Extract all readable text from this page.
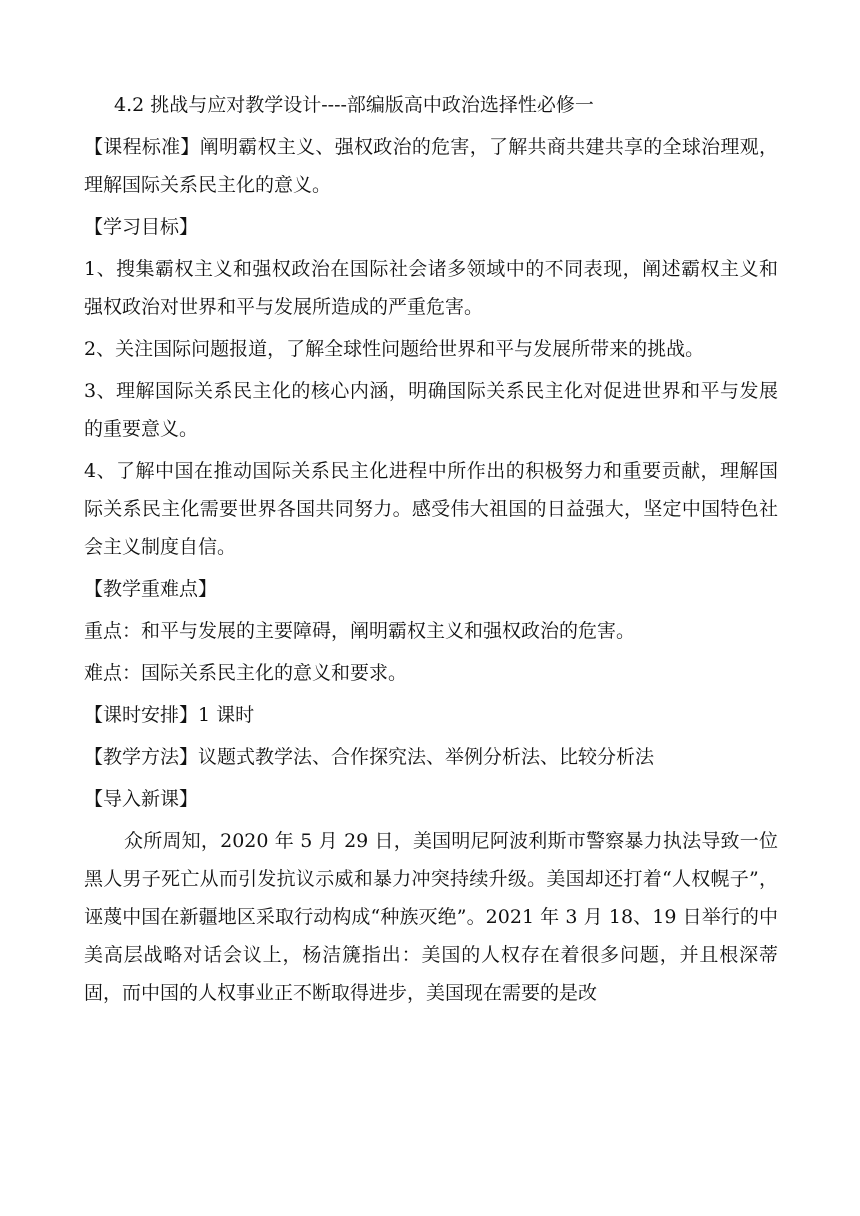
4.2 挑战与应对教学设计----部编版高中政治选择性必修一

【课程标准】阐明霸权主义、强权政治的危害，了解共商共建共享的全球治理观，理解国际关系民主化的意义。

【学习目标】

1、搜集霸权主义和强权政治在国际社会诸多领域中的不同表现，阐述霸权主义和强权政治对世界和平与发展所造成的严重危害。

2、关注国际问题报道，了解全球性问题给世界和平与发展所带来的挑战。

3、理解国际关系民主化的核心内涵，明确国际关系民主化对促进世界和平与发展的重要意义。

4、了解中国在推动国际关系民主化进程中所作出的积极努力和重要贡献，理解国际关系民主化需要世界各国共同努力。感受伟大祖国的日益强大，坚定中国特色社会主义制度自信。

【教学重难点】

重点：和平与发展的主要障碍，阐明霸权主义和强权政治的危害。

难点：国际关系民主化的意义和要求。

【课时安排】1 课时

【教学方法】议题式教学法、合作探究法、举例分析法、比较分析法

【导入新课】

众所周知，2020 年 5 月 29 日，美国明尼阿波利斯市警察暴力执法导致一位黑人男子死亡从而引发抗议示威和暴力冲突持续升级。美国却还打着“人权幌子”，诬蔑中国在新疆地区采取行动构成“种族灭绝”。2021 年 3 月 18、19 日举行的中美高层战略对话会议上，杨洁篪指出：美国的人权存在着很多问题，并且根深蒂固，而中国的人权事业正不断取得进步，美国现在需要的是改
